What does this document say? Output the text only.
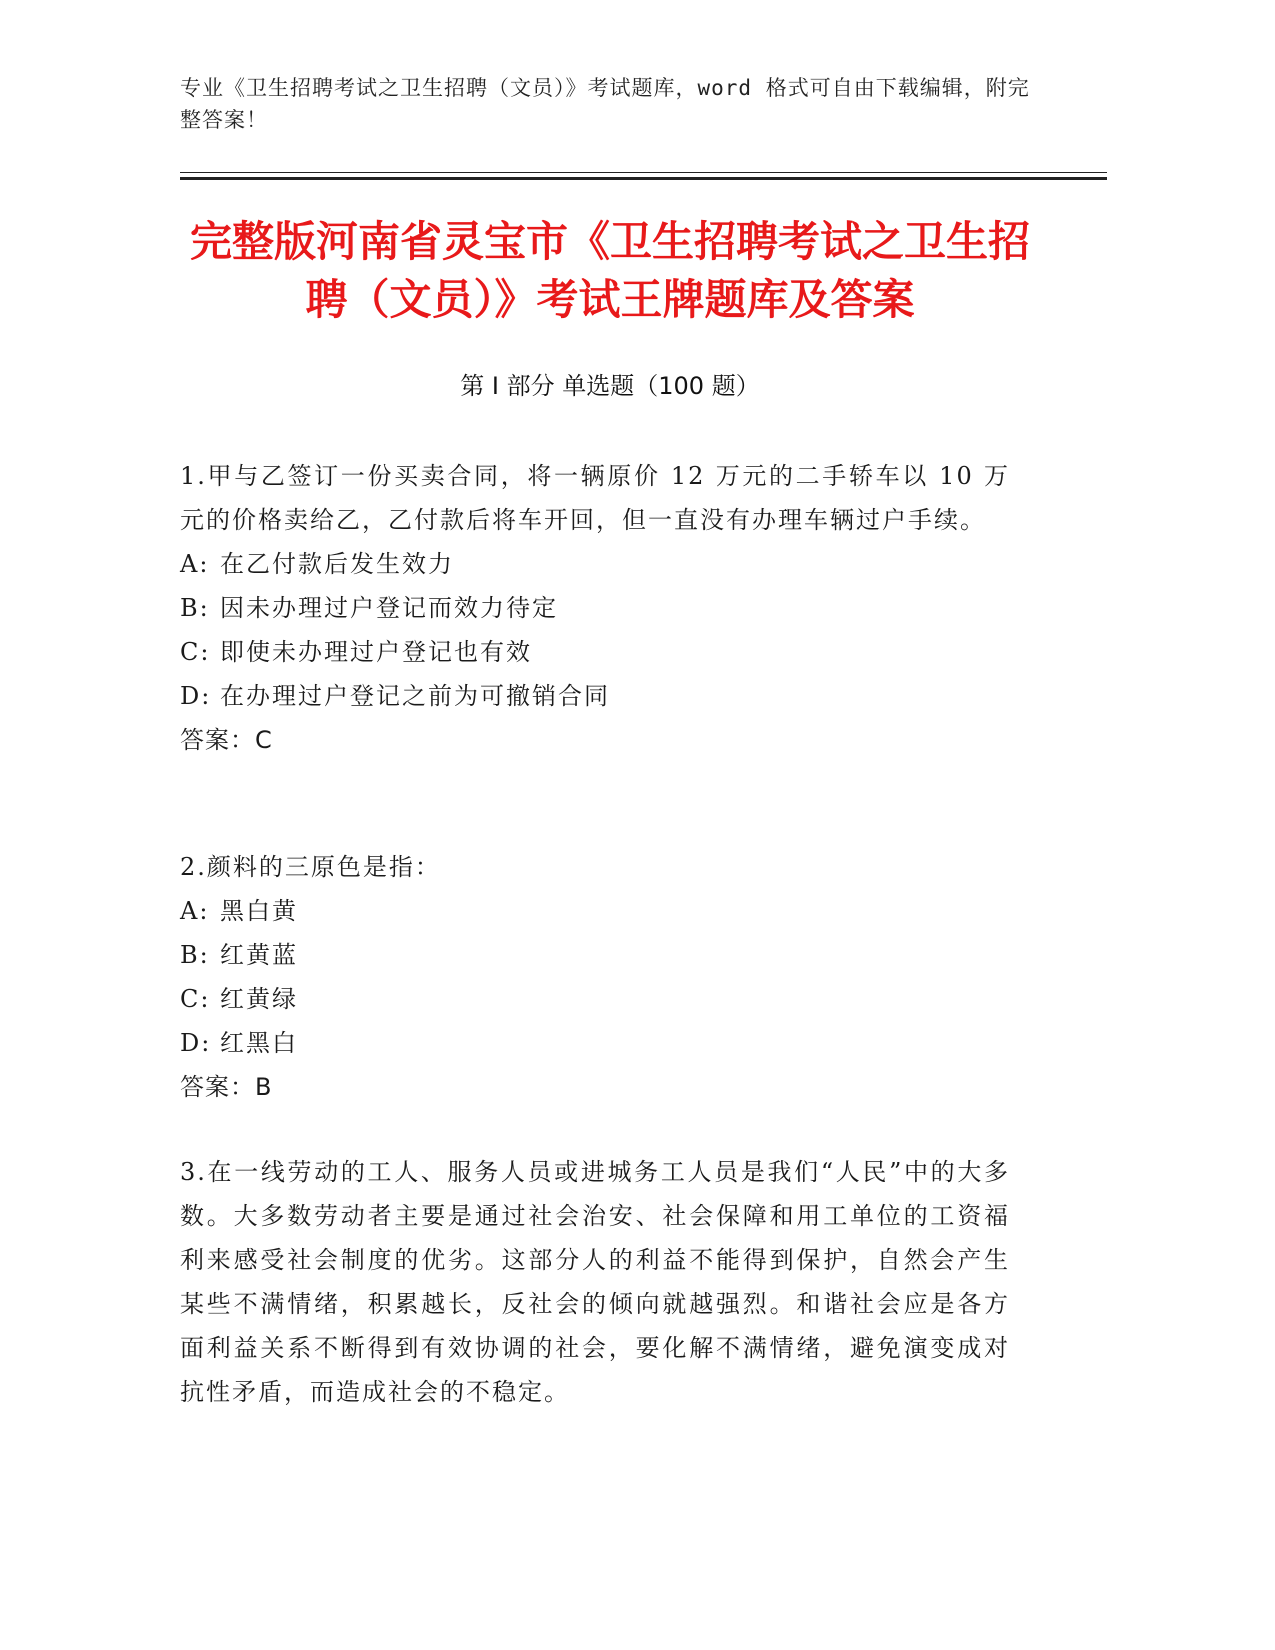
专业《卫生招聘考试之卫生招聘（文员）》考试题库，word 格式可自由下载编辑，附完整答案！
完整版河南省灵宝市《卫生招聘考试之卫生招聘（文员）》考试王牌题库及答案
第 I 部分 单选题（100 题）
1.甲与乙签订一份买卖合同，将一辆原价 12 万元的二手轿车以 10 万元的价格卖给乙，乙付款后将车开回，但一直没有办理车辆过户手续。
A: 在乙付款后发生效力
B: 因未办理过户登记而效力待定
C: 即使未办理过户登记也有效
D: 在办理过户登记之前为可撤销合同
答案：C
2.颜料的三原色是指：
A: 黑白黄
B: 红黄蓝
C: 红黄绿
D: 红黑白
答案：B
3.在一线劳动的工人、服务人员或进城务工人员是我们“人民”中的大多数。大多数劳动者主要是通过社会治安、社会保障和用工单位的工资福利来感受社会制度的优劣。这部分人的利益不能得到保护，自然会产生某些不满情绪，积累越长，反社会的倾向就越强烈。和谐社会应是各方面利益关系不断得到有效协调的社会，要化解不满情绪，避免演变成对抗性矛盾，而造成社会的不稳定。
